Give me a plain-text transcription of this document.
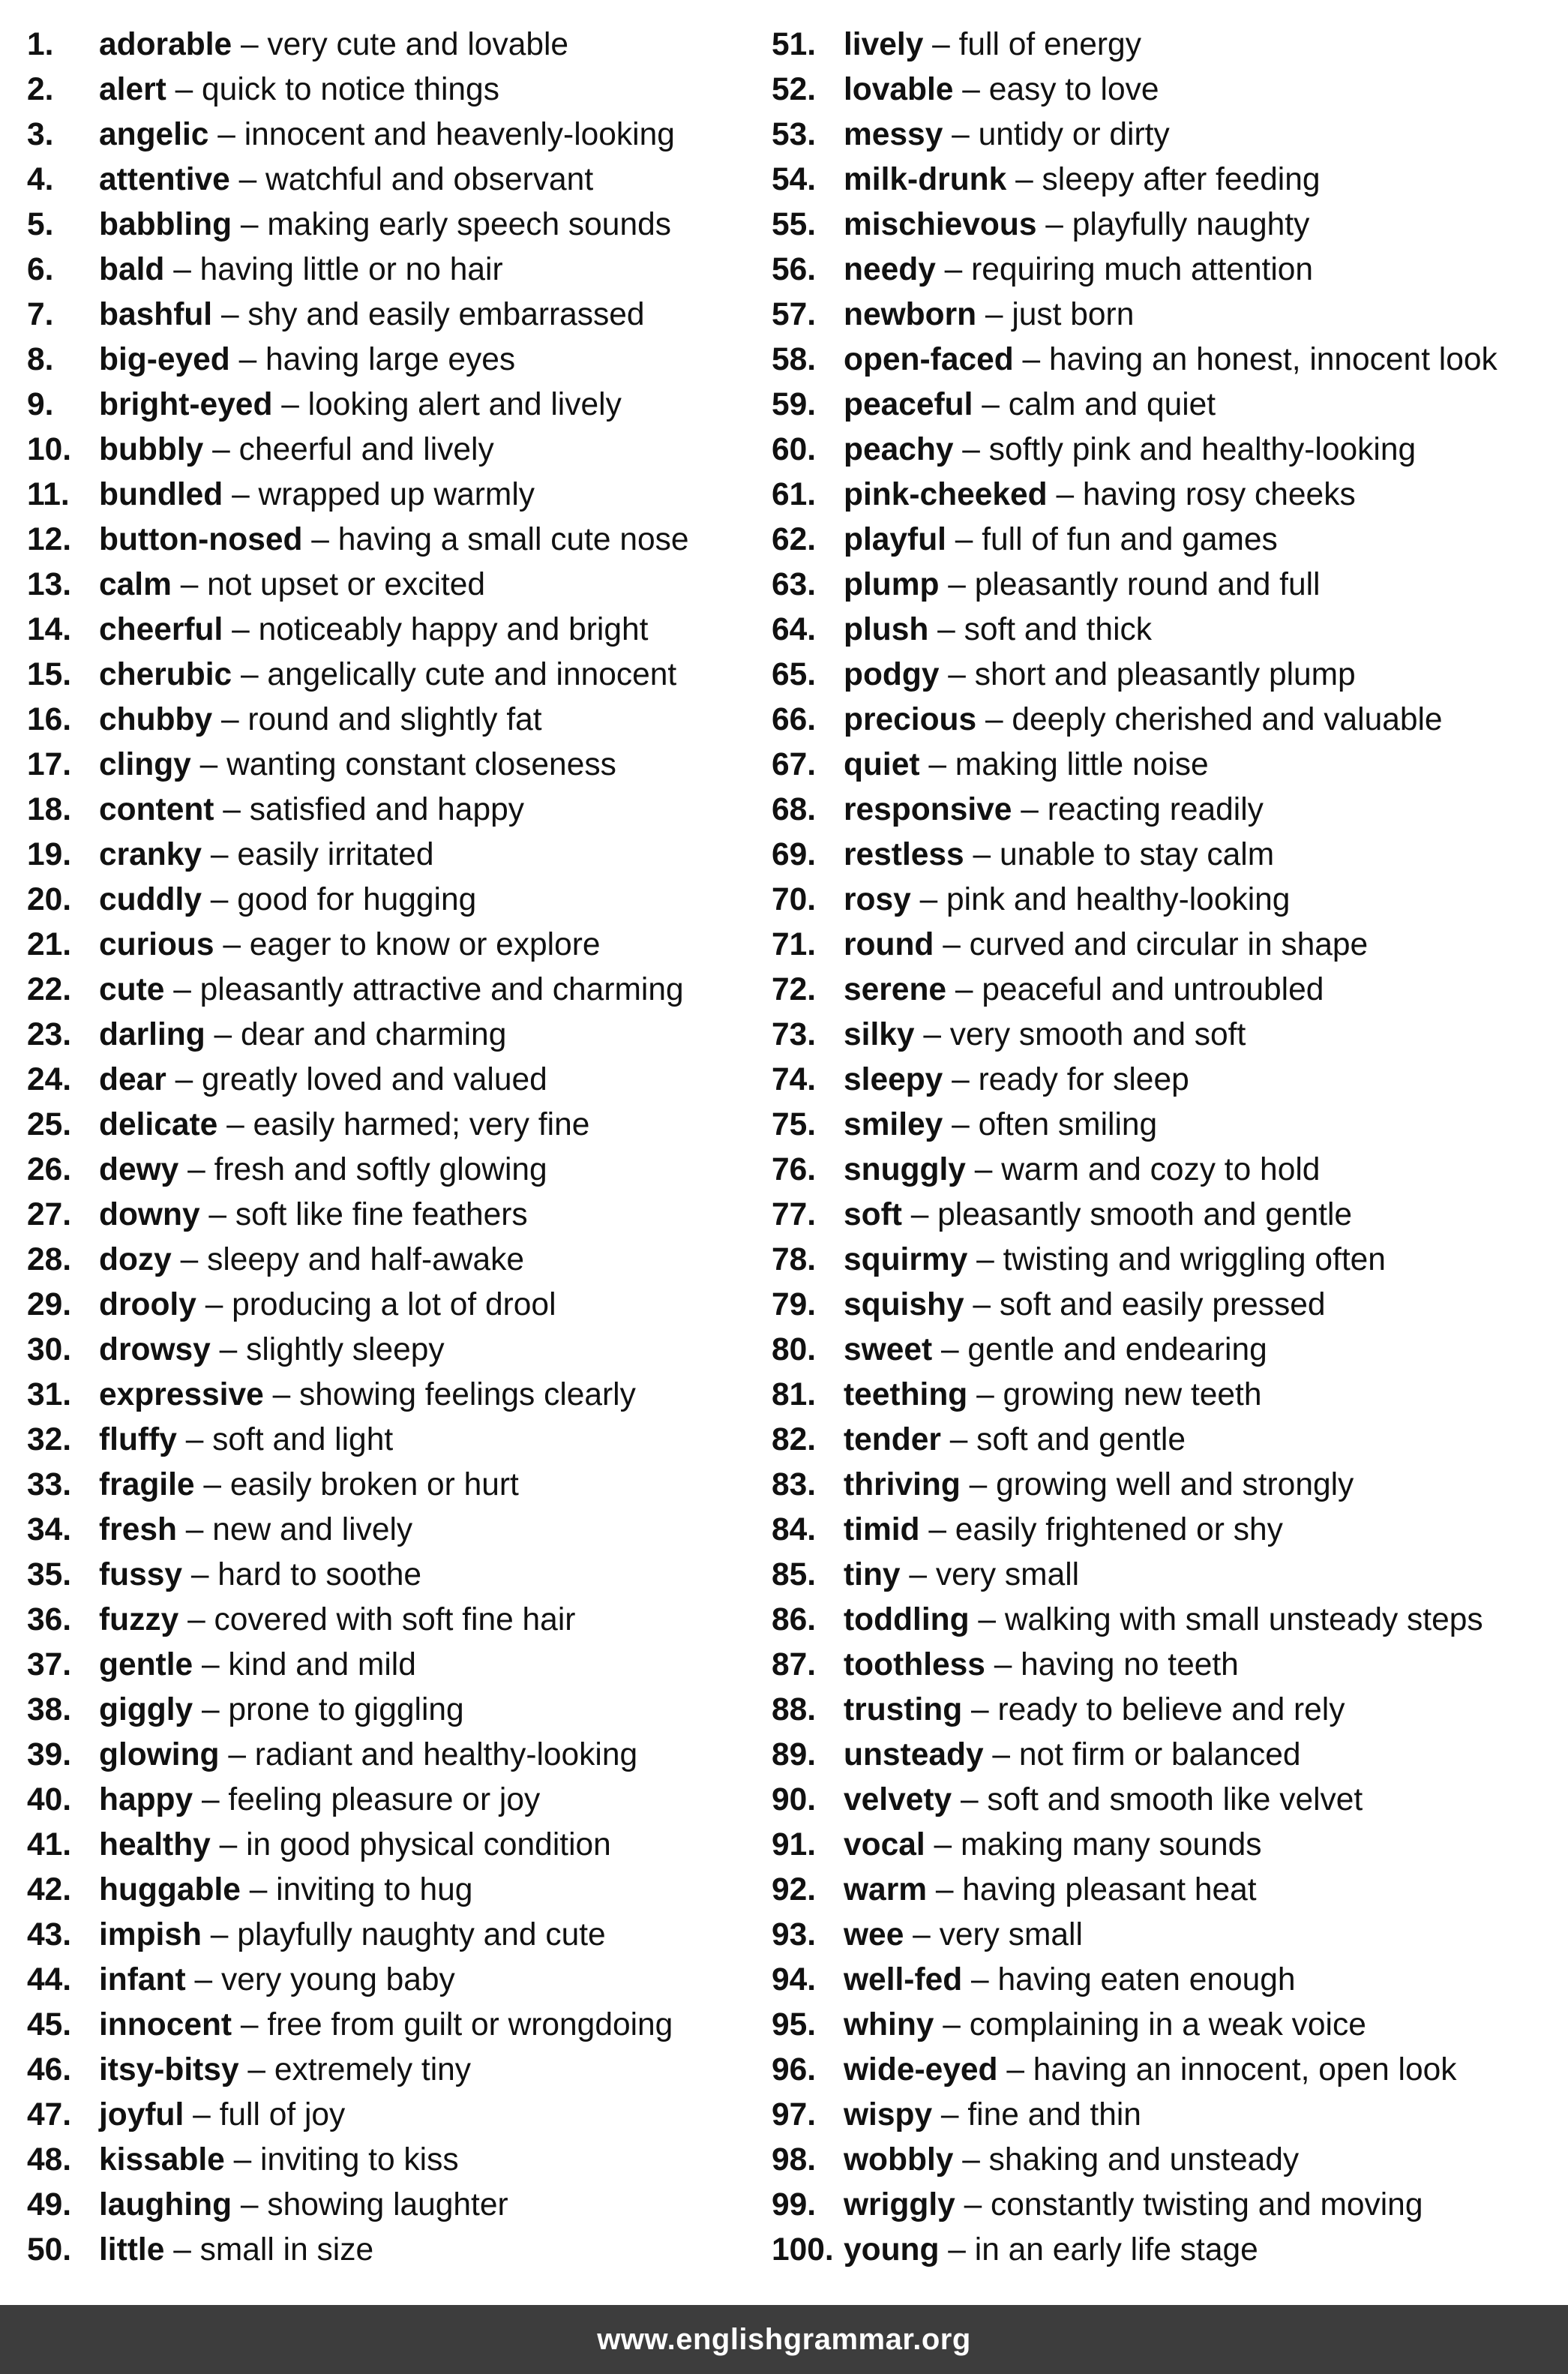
1. adorable – very cute and lovable
2. alert – quick to notice things
3. angelic – innocent and heavenly-looking
4. attentive – watchful and observant
5. babbling – making early speech sounds
6. bald – having little or no hair
7. bashful – shy and easily embarrassed
8. big-eyed – having large eyes
9. bright-eyed – looking alert and lively
10. bubbly – cheerful and lively
11. bundled – wrapped up warmly
12. button-nosed – having a small cute nose
13. calm – not upset or excited
14. cheerful – noticeably happy and bright
15. cherubic – angelically cute and innocent
16. chubby – round and slightly fat
17. clingy – wanting constant closeness
18. content – satisfied and happy
19. cranky – easily irritated
20. cuddly – good for hugging
21. curious – eager to know or explore
22. cute – pleasantly attractive and charming
23. darling – dear and charming
24. dear – greatly loved and valued
25. delicate – easily harmed; very fine
26. dewy – fresh and softly glowing
27. downy – soft like fine feathers
28. dozy – sleepy and half-awake
29. drooly – producing a lot of drool
30. drowsy – slightly sleepy
31. expressive – showing feelings clearly
32. fluffy – soft and light
33. fragile – easily broken or hurt
34. fresh – new and lively
35. fussy – hard to soothe
36. fuzzy – covered with soft fine hair
37. gentle – kind and mild
38. giggly – prone to giggling
39. glowing – radiant and healthy-looking
40. happy – feeling pleasure or joy
41. healthy – in good physical condition
42. huggable – inviting to hug
43. impish – playfully naughty and cute
44. infant – very young baby
45. innocent – free from guilt or wrongdoing
46. itsy-bitsy – extremely tiny
47. joyful – full of joy
48. kissable – inviting to kiss
49. laughing – showing laughter
50. little – small in size
51. lively – full of energy
52. lovable – easy to love
53. messy – untidy or dirty
54. milk-drunk – sleepy after feeding
55. mischievous – playfully naughty
56. needy – requiring much attention
57. newborn – just born
58. open-faced – having an honest, innocent look
59. peaceful – calm and quiet
60. peachy – softly pink and healthy-looking
61. pink-cheeked – having rosy cheeks
62. playful – full of fun and games
63. plump – pleasantly round and full
64. plush – soft and thick
65. podgy – short and pleasantly plump
66. precious – deeply cherished and valuable
67. quiet – making little noise
68. responsive – reacting readily
69. restless – unable to stay calm
70. rosy – pink and healthy-looking
71. round – curved and circular in shape
72. serene – peaceful and untroubled
73. silky – very smooth and soft
74. sleepy – ready for sleep
75. smiley – often smiling
76. snuggly – warm and cozy to hold
77. soft – pleasantly smooth and gentle
78. squirmy – twisting and wriggling often
79. squishy – soft and easily pressed
80. sweet – gentle and endearing
81. teething – growing new teeth
82. tender – soft and gentle
83. thriving – growing well and strongly
84. timid – easily frightened or shy
85. tiny – very small
86. toddling – walking with small unsteady steps
87. toothless – having no teeth
88. trusting – ready to believe and rely
89. unsteady – not firm or balanced
90. velvety – soft and smooth like velvet
91. vocal – making many sounds
92. warm – having pleasant heat
93. wee – very small
94. well-fed – having eaten enough
95. whiny – complaining in a weak voice
96. wide-eyed – having an innocent, open look
97. wispy – fine and thin
98. wobbly – shaking and unsteady
99. wriggly – constantly twisting and moving
100. young – in an early life stage
www.englishgrammar.org
